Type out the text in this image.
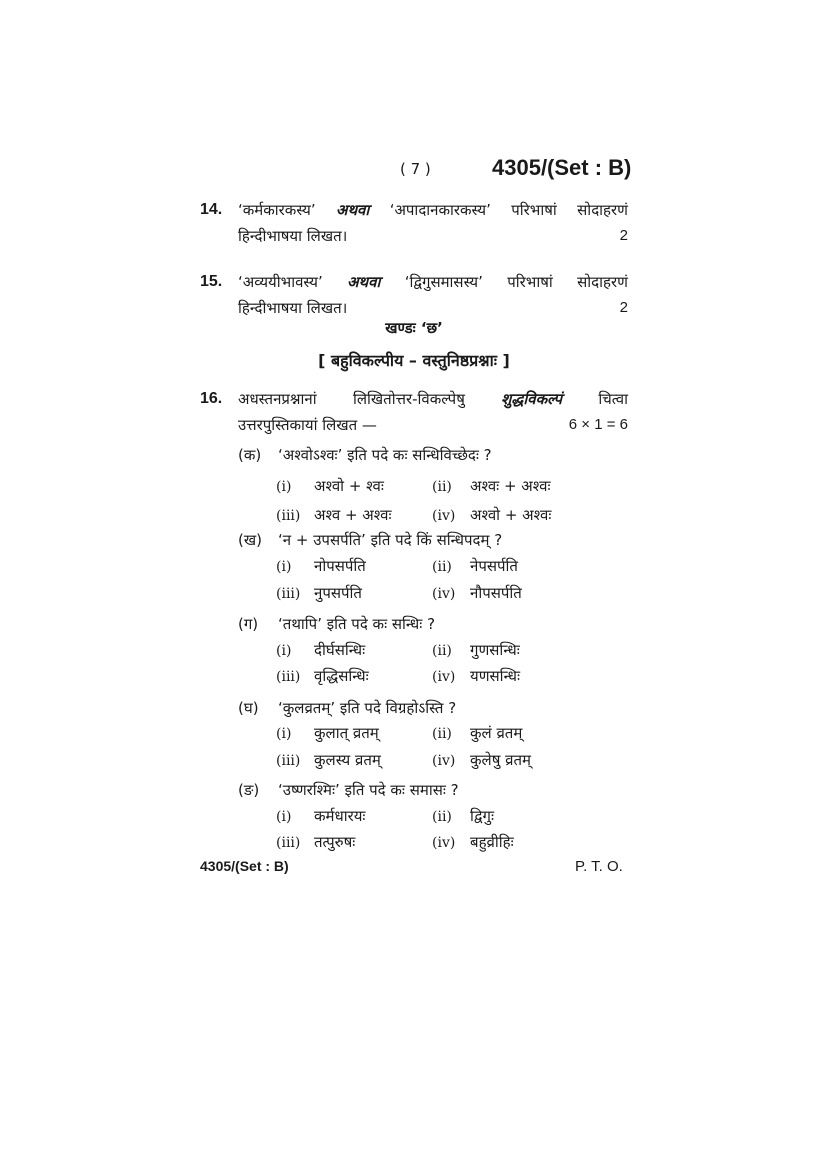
( 7 )	4305/(Set : B)
14. ‘कर्मकारकस्य’ अथवा ‘अपादानकारकस्य’ परिभाषां सोदाहरणं
हिन्दीभाषया लिखत।	2
15. ‘अव्ययीभावस्य’ अथवा ‘द्विगुसमासस्य’ परिभाषां सोदाहरणं
हिन्दीभाषया लिखत।	2
खण्डः ‘छ’
[ बहुविकल्पीय – वस्तुनिष्ठप्रश्नाः ]
16. अधस्तनप्रश्नानां लिखितोत्तर-विकल्पेषु शुद्धविकल्पं चित्वा
उत्तरपुस्तिकायां लिखत —	6 × 1 = 6
(क) ‘अश्वोऽश्वः’ इति पदे कः सन्धिविच्छेदः ?
(i) अश्वो + श्वः	(ii) अश्वः + अश्वः
(iii) अश्व + अश्वः	(iv) अश्वो + अश्वः
(ख) ‘न + उपसर्पति’ इति पदे किं सन्धिपदम् ?
(i) नोपसर्पति	(ii) नेपसर्पति
(iii) नुपसर्पति	(iv) नौपसर्पति
(ग) ‘तथापि’ इति पदे कः सन्धिः ?
(i) दीर्घसन्धिः	(ii) गुणसन्धिः
(iii) वृद्धिसन्धिः	(iv) यणसन्धिः
(घ) ‘कुलव्रतम्’ इति पदे विग्रहोऽस्ति ?
(i) कुलात् व्रतम्	(ii) कुलं व्रतम्
(iii) कुलस्य व्रतम्	(iv) कुलेषु व्रतम्
(ङ) ‘उष्णरश्मिः’ इति पदे कः समासः ?
(i) कर्मधारयः	(ii) द्विगुः
(iii) तत्पुरुषः	(iv) बहुव्रीहिः
4305/(Set : B)	P. T. O.
